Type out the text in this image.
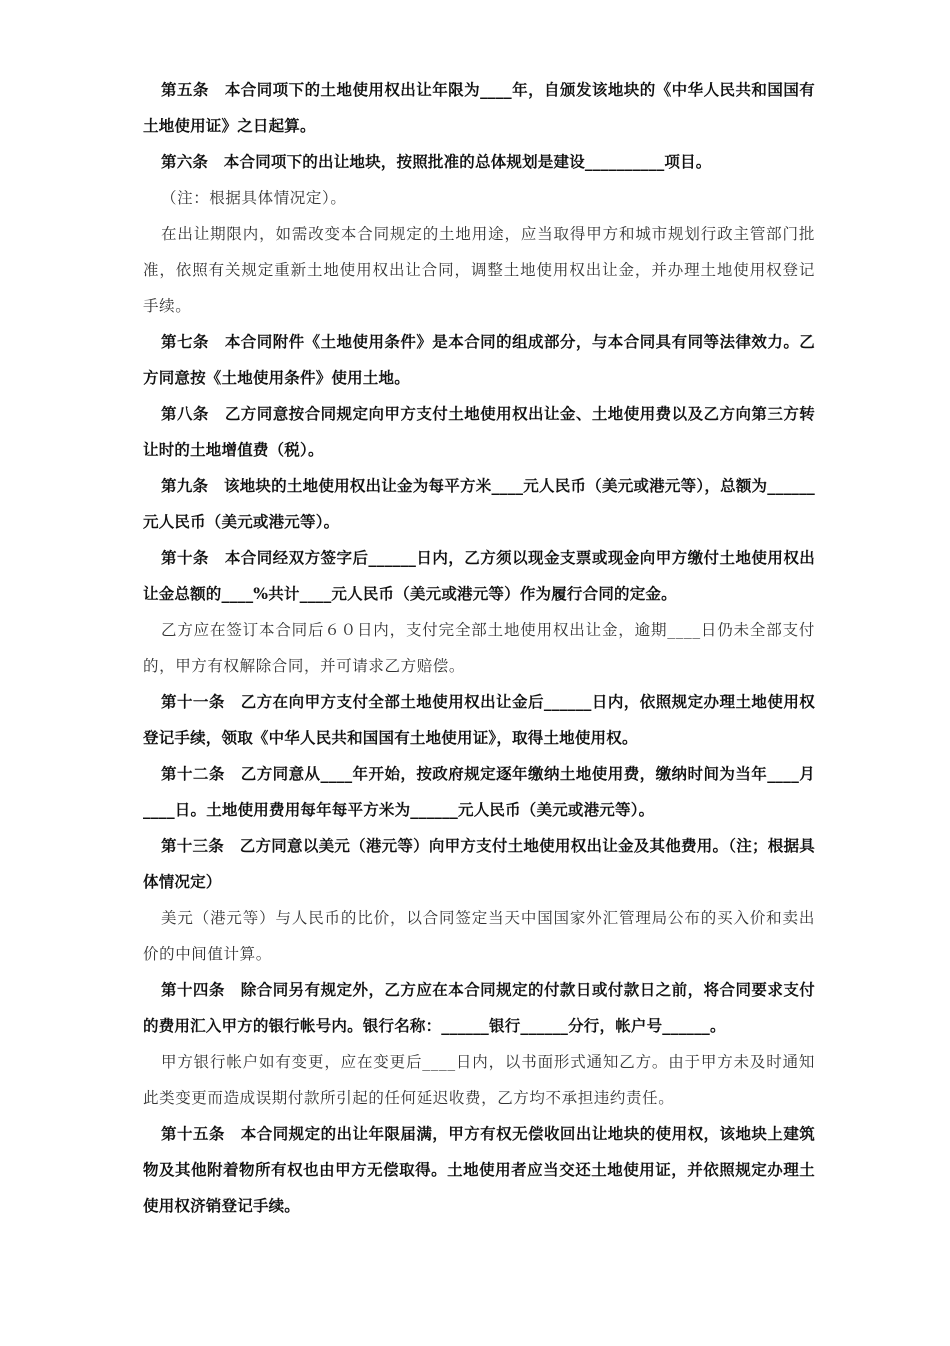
第五条　本合同项下的土地使用权出让年限为____年，自颁发该地块的《中华人民共和国国有土地使用证》之日起算。

第六条　本合同项下的出让地块，按照批准的总体规划是建设__________项目。

（注：根据具体情况定）。

在出让期限内，如需改变本合同规定的土地用途，应当取得甲方和城市规划行政主管部门批准，依照有关规定重新土地使用权出让合同，调整土地使用权出让金，并办理土地使用权登记手续。

第七条　本合同附件《土地使用条件》是本合同的组成部分，与本合同具有同等法律效力。乙方同意按《土地使用条件》使用土地。

第八条　乙方同意按合同规定向甲方支付土地使用权出让金、土地使用费以及乙方向第三方转让时的土地增值费（税）。

第九条　该地块的土地使用权出让金为每平方米____元人民币（美元或港元等），总额为______元人民币（美元或港元等）。

第十条　本合同经双方签字后______日内，乙方须以现金支票或现金向甲方缴付土地使用权出让金总额的____%共计____元人民币（美元或港元等）作为履行合同的定金。

乙方应在签订本合同后６０日内，支付完全部土地使用权出让金，逾期____日仍未全部支付的，甲方有权解除合同，并可请求乙方赔偿。

第十一条　乙方在向甲方支付全部土地使用权出让金后______日内，依照规定办理土地使用权登记手续，领取《中华人民共和国国有土地使用证》，取得土地使用权。

第十二条　乙方同意从____年开始，按政府规定逐年缴纳土地使用费，缴纳时间为当年____月____日。土地使用费用每年每平方米为______元人民币（美元或港元等）。

第十三条　乙方同意以美元（港元等）向甲方支付土地使用权出让金及其他费用。（注；根据具体情况定）

美元（港元等）与人民币的比价，以合同签定当天中国国家外汇管理局公布的买入价和卖出价的中间值计算。

第十四条　除合同另有规定外，乙方应在本合同规定的付款日或付款日之前，将合同要求支付的费用汇入甲方的银行帐号内。银行名称：______银行______分行，帐户号______。

甲方银行帐户如有变更，应在变更后____日内，以书面形式通知乙方。由于甲方未及时通知此类变更而造成误期付款所引起的任何延迟收费，乙方均不承担违约责任。

第十五条　本合同规定的出让年限届满，甲方有权无偿收回出让地块的使用权，该地块上建筑物及其他附着物所有权也由甲方无偿取得。土地使用者应当交还土地使用证，并依照规定办理土使用权济销登记手续。
